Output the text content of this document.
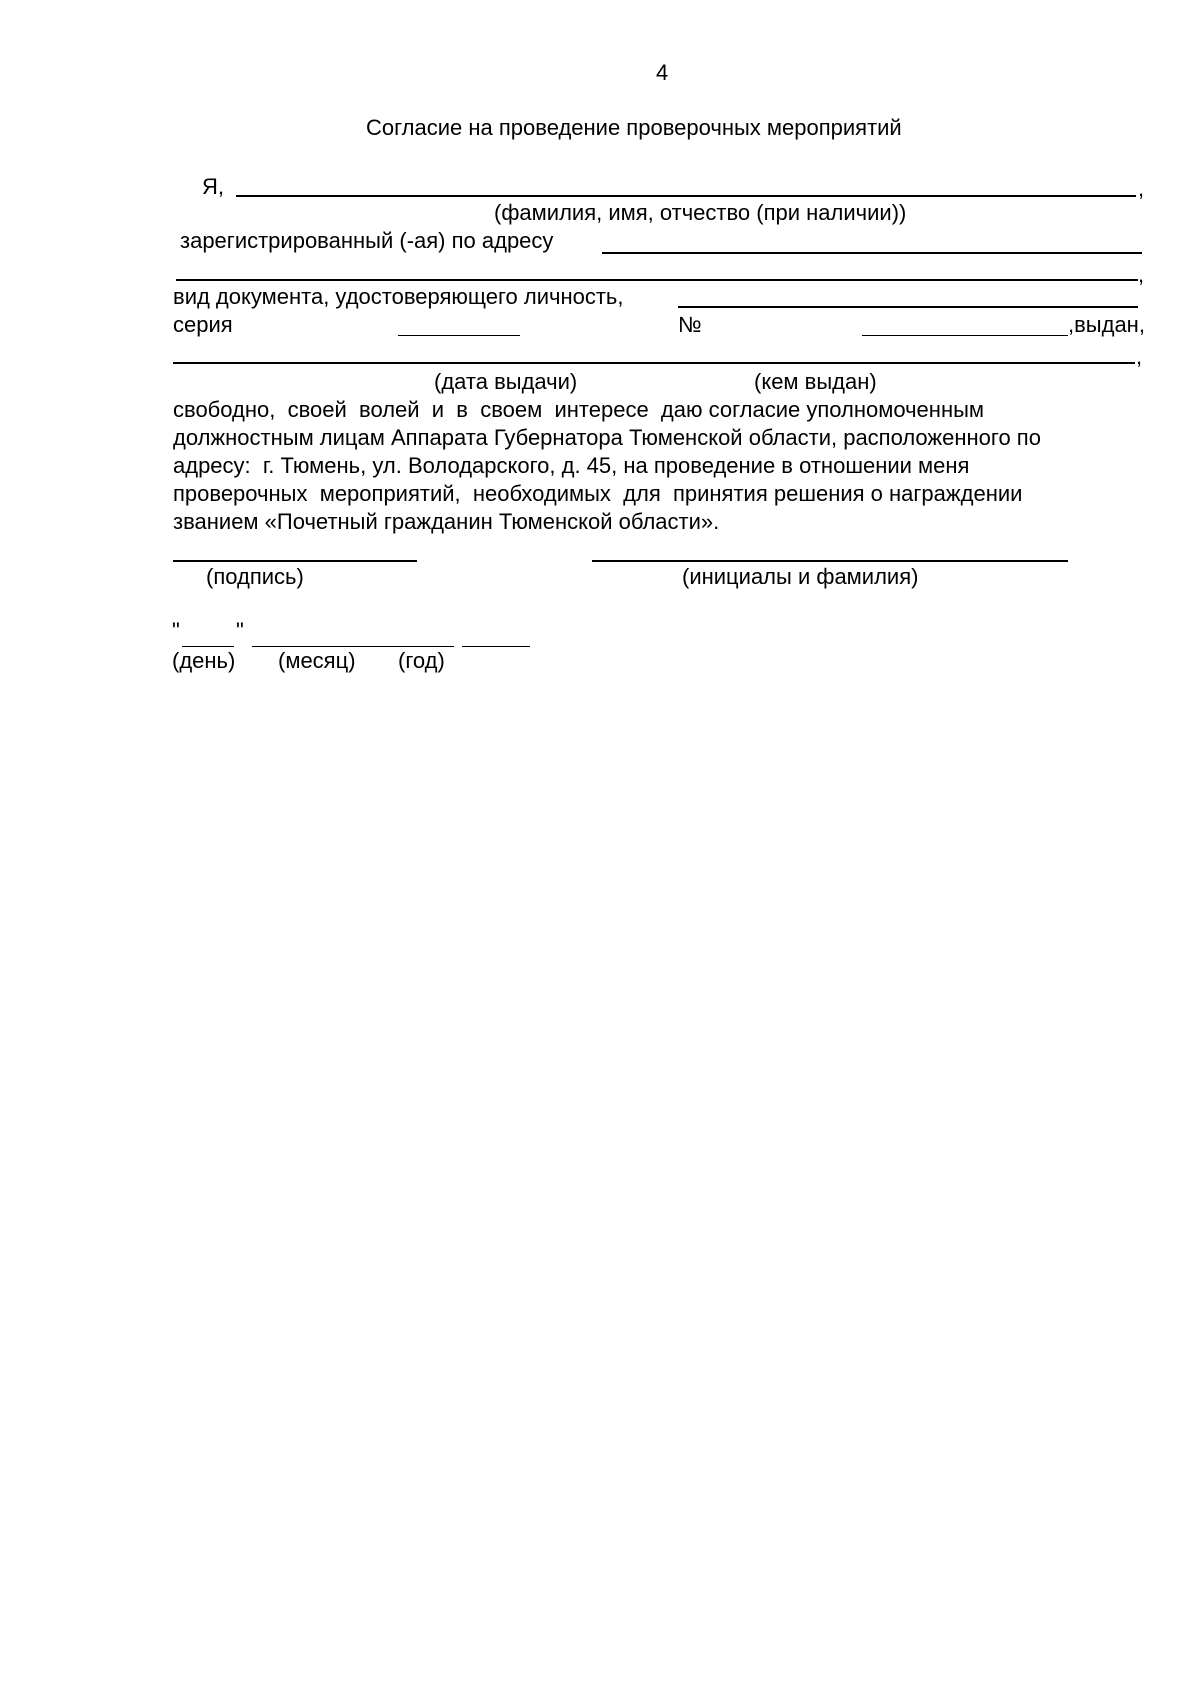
4
Согласие на проведение проверочных мероприятий
Я,	,
(фамилия, имя, отчество (при наличии))
зарегистрированный (-ая) по адресу
,
вид документа, удостоверяющего личность,
серия	№	,выдан,
,
(дата выдачи)	(кем выдан)
свободно,  своей  волей  и  в  своем  интересе  даю согласие уполномоченным
должностным лицам Аппарата Губернатора Тюменской области, расположенного по
адресу:  г. Тюмень, ул. Володарского, д. 45, на проведение в отношении меня
проверочных  мероприятий,  необходимых  для  принятия решения о награждении
званием «Почетный гражданин Тюменской области».
(подпись)	(инициалы и фамилия)
"	"
(день) (месяц) (год)
